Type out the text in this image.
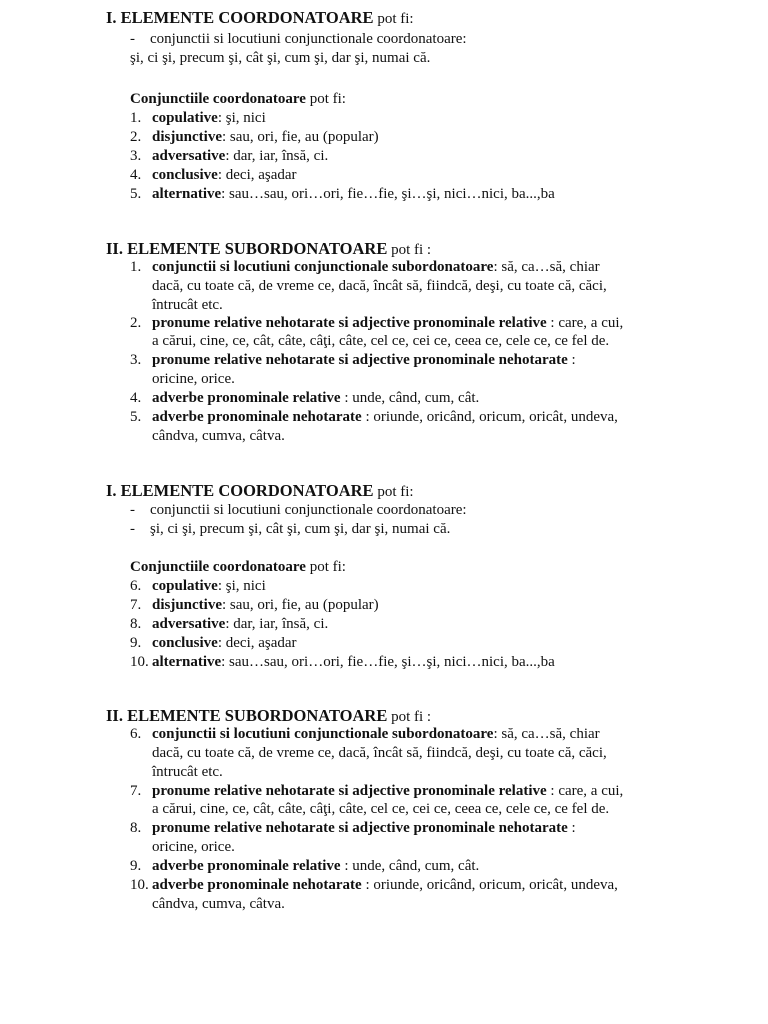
I. ELEMENTE COORDONATOARE pot fi:
- conjunctii si locutiuni conjunctionale coordonatoare:
şi, ci şi, precum şi, cât şi, cum şi, dar şi, numai că.
Conjunctiile coordonatoare pot fi:
1. copulative: şi, nici
2. disjunctive: sau, ori, fie, au (popular)
3. adversative: dar, iar, însă, ci.
4. conclusive: deci, aşadar
5. alternative: sau…sau, ori…ori, fie…fie, şi…şi, nici…nici, ba...,ba
II. ELEMENTE SUBORDONATOARE pot fi :
1. conjunctii si locutiuni conjunctionale subordonatoare: să, ca…să, chiar
dacă, cu toate că, de vreme ce, dacă, încât să, fiindcă, deşi, cu toate că, căci,
întrucât etc.
2. pronume relative nehotarate si adjective pronominale relative : care, a cui,
a cărui, cine, ce, cât, câte, câţi, câte, cel ce, cei ce, ceea ce, cele ce, ce fel de.
3. pronume relative nehotarate si adjective pronominale nehotarate :
oricine, orice.
4. adverbe pronominale relative : unde, când, cum, cât.
5. adverbe pronominale nehotarate : oriunde, oricând, oricum, oricât, undeva,
cândva, cumva, câtva.
I. ELEMENTE COORDONATOARE pot fi:
- conjunctii si locutiuni conjunctionale coordonatoare:
- şi, ci şi, precum şi, cât şi, cum şi, dar şi, numai că.
Conjunctiile coordonatoare pot fi:
6. copulative: şi, nici
7. disjunctive: sau, ori, fie, au (popular)
8. adversative: dar, iar, însă, ci.
9. conclusive: deci, aşadar
10. alternative: sau…sau, ori…ori, fie…fie, şi…şi, nici…nici, ba...,ba
II. ELEMENTE SUBORDONATOARE pot fi :
6. conjunctii si locutiuni conjunctionale subordonatoare: să, ca…să, chiar
dacă, cu toate că, de vreme ce, dacă, încât să, fiindcă, deşi, cu toate că, căci,
întrucât etc.
7. pronume relative nehotarate si adjective pronominale relative : care, a cui,
a cărui, cine, ce, cât, câte, câţi, câte, cel ce, cei ce, ceea ce, cele ce, ce fel de.
8. pronume relative nehotarate si adjective pronominale nehotarate :
oricine, orice.
9. adverbe pronominale relative : unde, când, cum, cât.
10. adverbe pronominale nehotarate : oriunde, oricând, oricum, oricât, undeva,
cândva, cumva, câtva.
